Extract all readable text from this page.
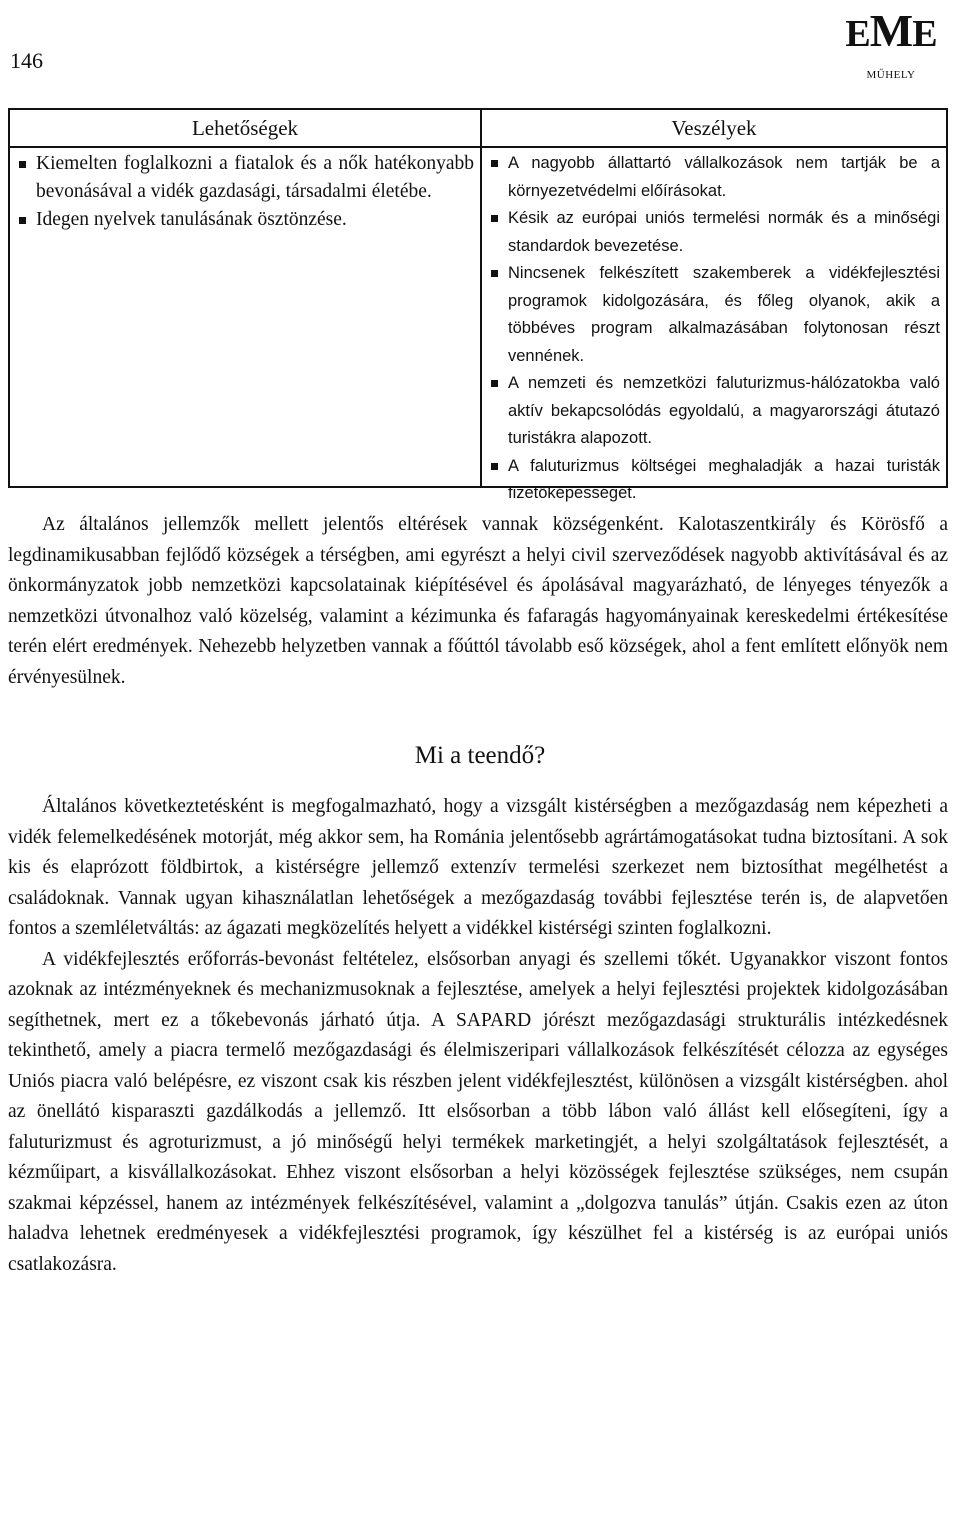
146
EME
MŰHELY
Lehetőségek
Kiemelten foglalkozni a fiatalok és a nők hatékonyabb bevonásával a vidék gazdasági, társadalmi életébe.
Idegen nyelvek tanulásának ösztönzése.
Veszélyek
A nagyobb állattartó vállalkozások nem tartják be a környezetvédelmi előírásokat.
Késik az európai uniós termelési normák és a minőségi standardok bevezetése.
Nincsenek felkészített szakemberek a vidékfejlesztési programok kidolgozására, és főleg olyanok, akik a többéves program alkalmazásában folytonosan részt vennének.
A nemzeti és nemzetközi faluturizmus-hálózatokba való aktív bekapcsolódás egyoldalú, a magyarországi átutazó turistákra alapozott.
A faluturizmus költségei meghaladják a hazai turisták fizetőképességét.

Az általános jellemzők mellett jelentős eltérések vannak községenként. Kalotaszentkirály és Körösfő a legdinamikusabban fejlődő községek a térségben, ami egyrészt a helyi civil szerveződések nagyobb aktivításával és az önkormányzatok jobb nemzetközi kapcsolatainak kiépítésével és ápolásával magyarázható, de lényeges tényezők a nemzetközi útvonalhoz való közelség, valamint a kézimunka és fafaragás hagyományainak kereskedelmi értékesítése terén elért eredmények. Nehezebb helyzetben vannak a főúttól távolabb eső községek, ahol a fent említett előnyök nem érvényesülnek.

Mi a teendő?

Általános következtetésként is megfogalmazható, hogy a vizsgált kistérségben a mezőgazdaság nem képezheti a vidék felemelkedésének motorját, még akkor sem, ha Románia jelentősebb agrártámogatásokat tudna biztosítani. A sok kis és elaprózott földbirtok, a kistérségre jellemző extenzív termelési szerkezet nem biztosíthat megélhetést a családoknak. Vannak ugyan kihasználatlan lehetőségek a mezőgazdaság további fejlesztése terén is, de alapvetően fontos a szemléletváltás: az ágazati megközelítés helyett a vidékkel kistérségi szinten foglalkozni.

A vidékfejlesztés erőforrás-bevonást feltételez, elsősorban anyagi és szellemi tőkét. Ugyanakkor viszont fontos azoknak az intézményeknek és mechanizmusoknak a fejlesztése, amelyek a helyi fejlesztési projektek kidolgozásában segíthetnek, mert ez a tőkebevonás járható útja. A SAPARD jórészt mezőgazdasági strukturális intézkedésnek tekinthető, amely a piacra termelő mezőgazdasági és élelmiszeripari vállalkozások felkészítését célozza az egységes Uniós piacra való belépésre, ez viszont csak kis részben jelent vidékfejlesztést, különösen a vizsgált kistérségben. ahol az önellátó kisparaszti gazdálkodás a jellemző. Itt elsősorban a több lábon való állást kell elősegíteni, így a faluturizmust és agroturizmust, a jó minőségű helyi termékek marketingjét, a helyi szolgáltatások fejlesztését, a kézműipart, a kisvállalkozásokat. Ehhez viszont elsősorban a helyi közösségek fejlesztése szükséges, nem csupán szakmai képzéssel, hanem az intézmények felkészítésével, valamint a „dolgozva tanulás” útján. Csakis ezen az úton haladva lehetnek eredményesek a vidékfejlesztési programok, így készülhet fel a kistérség is az európai uniós csatlakozásra.
